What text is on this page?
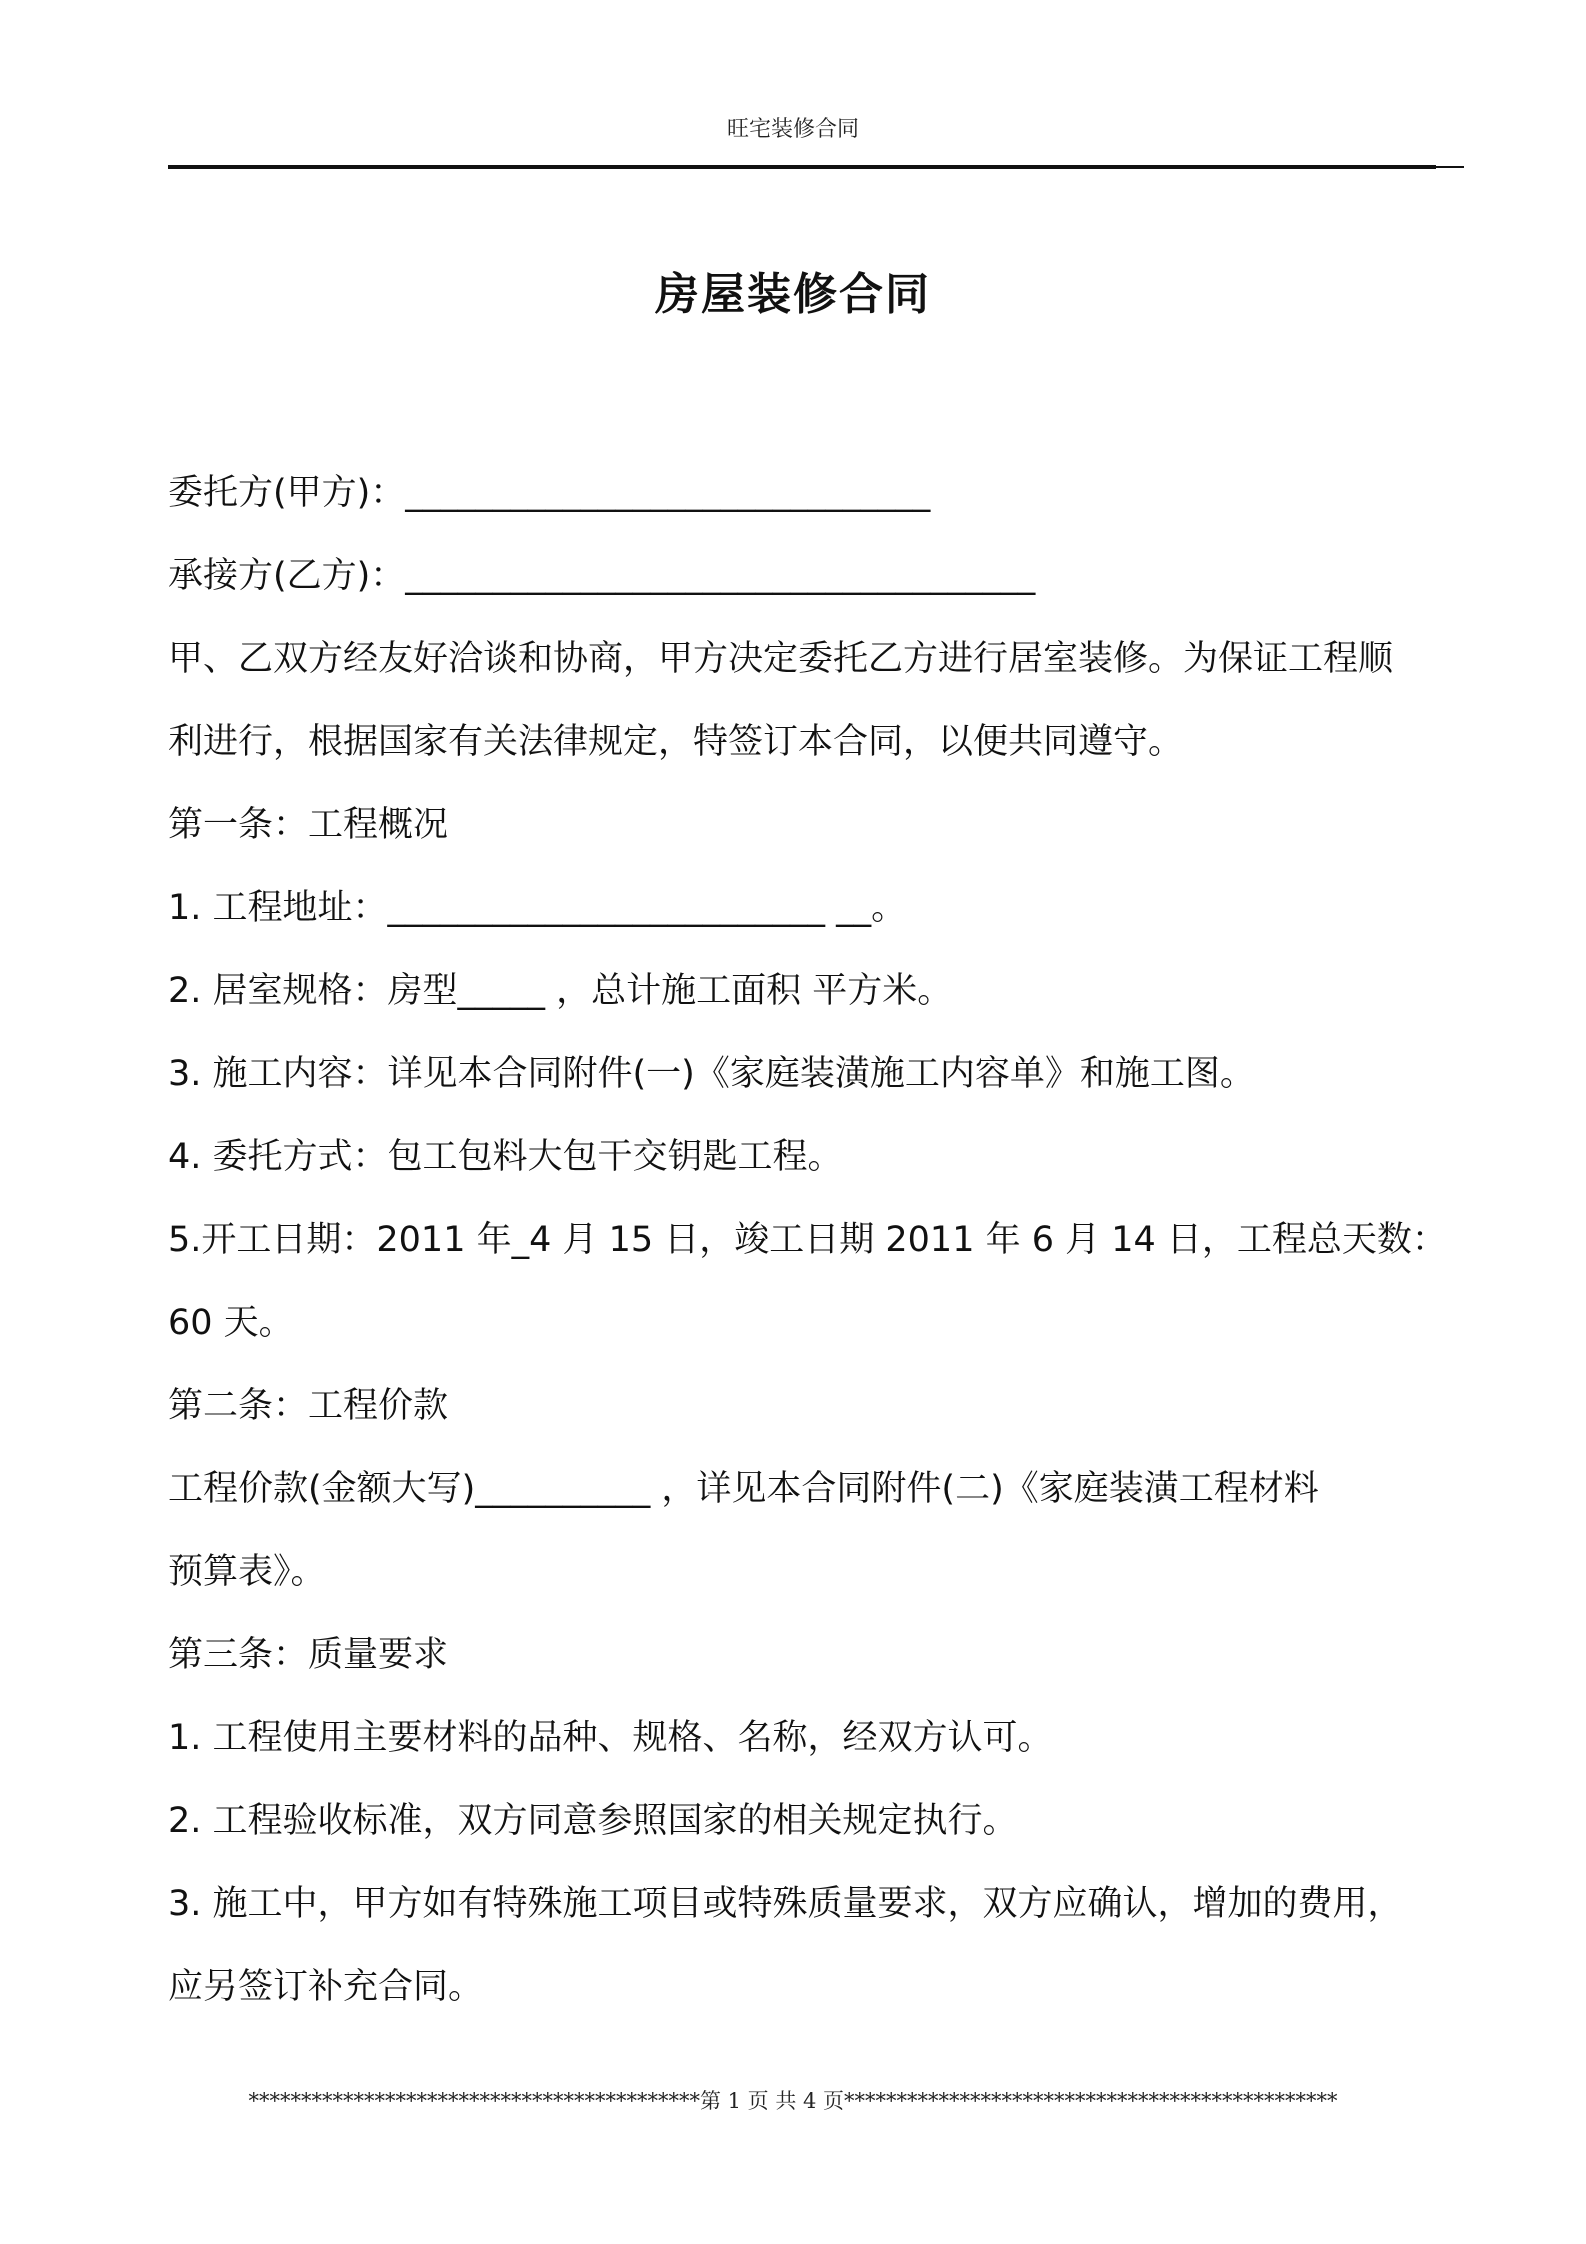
旺宅装修合同
房屋装修合同
委托方(甲方)：______________________________
承接方(乙方)：____________________________________
甲、乙双方经友好洽谈和协商，甲方决定委托乙方进行居室装修。为保证工程顺
利进行，根据国家有关法律规定，特签订本合同，以便共同遵守。
第一条：工程概况
1. 工程地址：_________________________ __。
2. 居室规格：房型_____ ，总计施工面积 平方米。
3. 施工内容：详见本合同附件(一)《家庭装潢施工内容单》和施工图。
4. 委托方式：包工包料大包干交钥匙工程。
5.开工日期：2011 年_4 月 15 日，竣工日期 2011 年 6 月 14 日，工程总天数：
60 天。
第二条：工程价款
工程价款(金额大写)__________ ，详见本合同附件(二)《家庭装潢工程材料
预算表》。
第三条：质量要求
1. 工程使用主要材料的品种、规格、名称，经双方认可。
2. 工程验收标准，双方同意参照国家的相关规定执行。
3. 施工中，甲方如有特殊施工项目或特殊质量要求，双方应确认，增加的费用，
应另签订补充合同。
*******************************************第 1 页 共 4 页***********************************************
